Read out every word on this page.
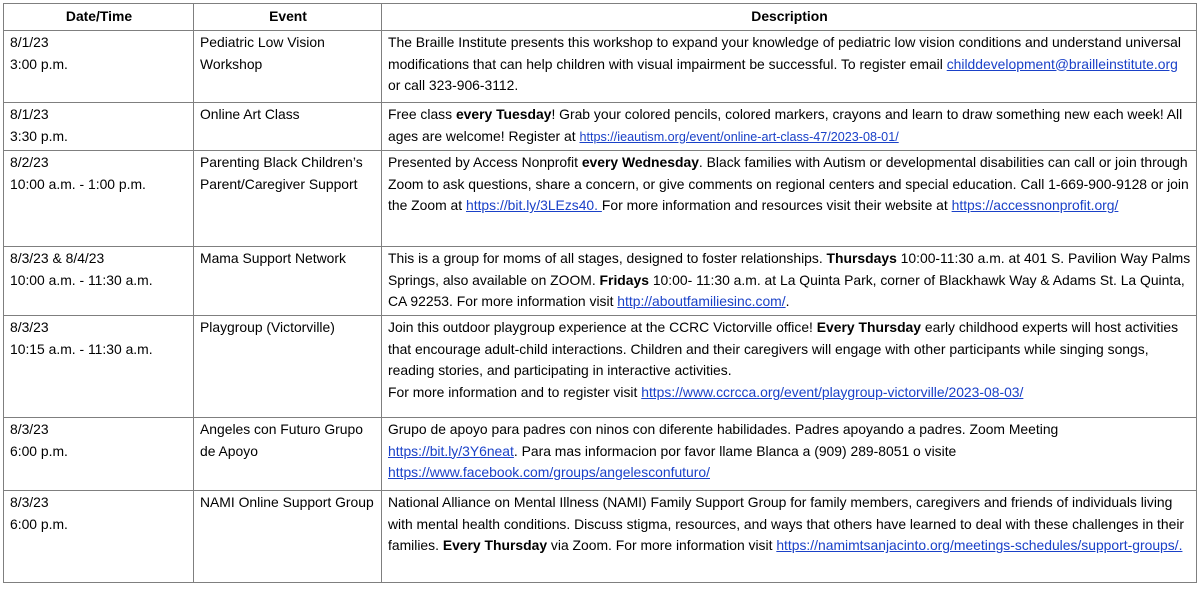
Date/Time	Event	Description
8/1/23
3:00 p.m.	Pediatric Low Vision Workshop	The Braille Institute presents this workshop to expand your knowledge of pediatric low vision conditions and understand universal modifications that can help children with visual impairment be successful. To register email childdevelopment@brailleinstitute.org or call 323-906-3112.
8/1/23
3:30 p.m.	Online Art Class	Free class every Tuesday! Grab your colored pencils, colored markers, crayons and learn to draw something new each week! All ages are welcome! Register at https://ieautism.org/event/online-art-class-47/2023-08-01/
8/2/23
10:00 a.m. - 1:00 p.m.	Parenting Black Children’s Parent/Caregiver Support	Presented by Access Nonprofit every Wednesday. Black families with Autism or developmental disabilities can call or join through Zoom to ask questions, share a concern, or give comments on regional centers and special education. Call 1-669-900-9128 or join the Zoom at https://bit.ly/3LEzs40. For more information and resources visit their website at https://accessnonprofit.org/
8/3/23 & 8/4/23
10:00 a.m. - 11:30 a.m.	Mama Support Network	This is a group for moms of all stages, designed to foster relationships. Thursdays 10:00-11:30 a.m. at 401 S. Pavilion Way Palms Springs, also available on ZOOM. Fridays 10:00- 11:30 a.m. at La Quinta Park, corner of Blackhawk Way & Adams St. La Quinta, CA 92253. For more information visit http://aboutfamiliesinc.com/.
8/3/23
10:15 a.m. - 11:30 a.m.	Playgroup (Victorville)	Join this outdoor playgroup experience at the CCRC Victorville office! Every Thursday early childhood experts will host activities that encourage adult-child interactions. Children and their caregivers will engage with other participants while singing songs, reading stories, and participating in interactive activities.
For more information and to register visit https://www.ccrcca.org/event/playgroup-victorville/2023-08-03/
8/3/23
6:00 p.m.	Angeles con Futuro Grupo de Apoyo	Grupo de apoyo para padres con ninos con diferente habilidades. Padres apoyando a padres. Zoom Meeting https://bit.ly/3Y6neat. Para mas informacion por favor llame Blanca a (909) 289-8051 o visite https://www.facebook.com/groups/angelesconfuturo/
8/3/23
6:00 p.m.	NAMI Online Support Group	National Alliance on Mental Illness (NAMI) Family Support Group for family members, caregivers and friends of individuals living with mental health conditions. Discuss stigma, resources, and ways that others have learned to deal with these challenges in their families. Every Thursday via Zoom. For more information visit https://namimtsanjacinto.org/meetings-schedules/support-groups/.
